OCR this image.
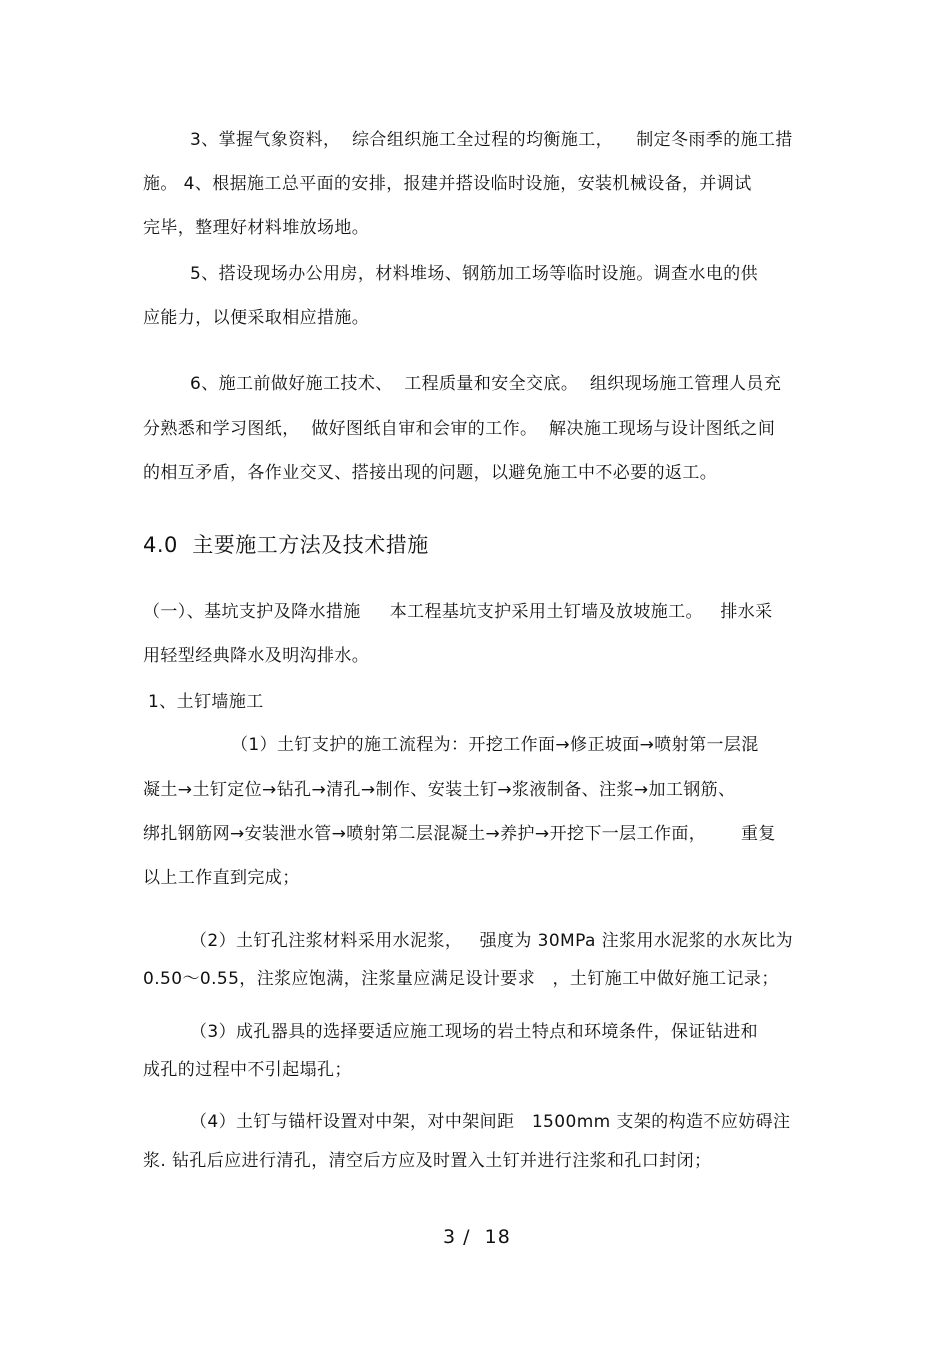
3、掌握气象资料，  综合组织施工全过程的均衡施工，    制定冬雨季的施工措
施。 4、根据施工总平面的安排，报建并搭设临时设施，安装机械设备，并调试
完毕，整理好材料堆放场地。
5、搭设现场办公用房，材料堆场、钢筋加工场等临时设施。调查水电的供
应能力，以便采取相应措施。
6、施工前做好施工技术、  工程质量和安全交底。  组织现场施工管理人员充
分熟悉和学习图纸，  做好图纸自审和会审的工作。  解决施工现场与设计图纸之间
的相互矛盾，各作业交叉、搭接出现的问题，以避免施工中不必要的返工。
4.0  主要施工方法及技术措施
（一）、基坑支护及降水措施     本工程基坑支护采用土钉墙及放坡施工。   排水采
用轻型经典降水及明沟排水。
1、土钉墙施工
（1）土钉支护的施工流程为：开挖工作面→修正坡面→喷射第一层混
凝土→土钉定位→钻孔→清孔→制作、安装土钉→浆液制备、注浆→加工钢筋、
绑扎钢筋网→安装泄水管→喷射第二层混凝土→养护→开挖下一层工作面，      重复
以上工作直到完成；
（2）土钉孔注浆材料采用水泥浆，   强度为 30MPa 注浆用水泥浆的水灰比为
0.50～0.55，注浆应饱满，注浆量应满足设计要求   ，土钉施工中做好施工记录；
（3）成孔器具的选择要适应施工现场的岩土特点和环境条件，保证钻进和
成孔的过程中不引起塌孔；
（4）土钉与锚杆设置对中架，对中架间距   1500mm 支架的构造不应妨碍注
浆. 钻孔后应进行清孔，清空后方应及时置入土钉并进行注浆和孔口封闭；
3 /  18
